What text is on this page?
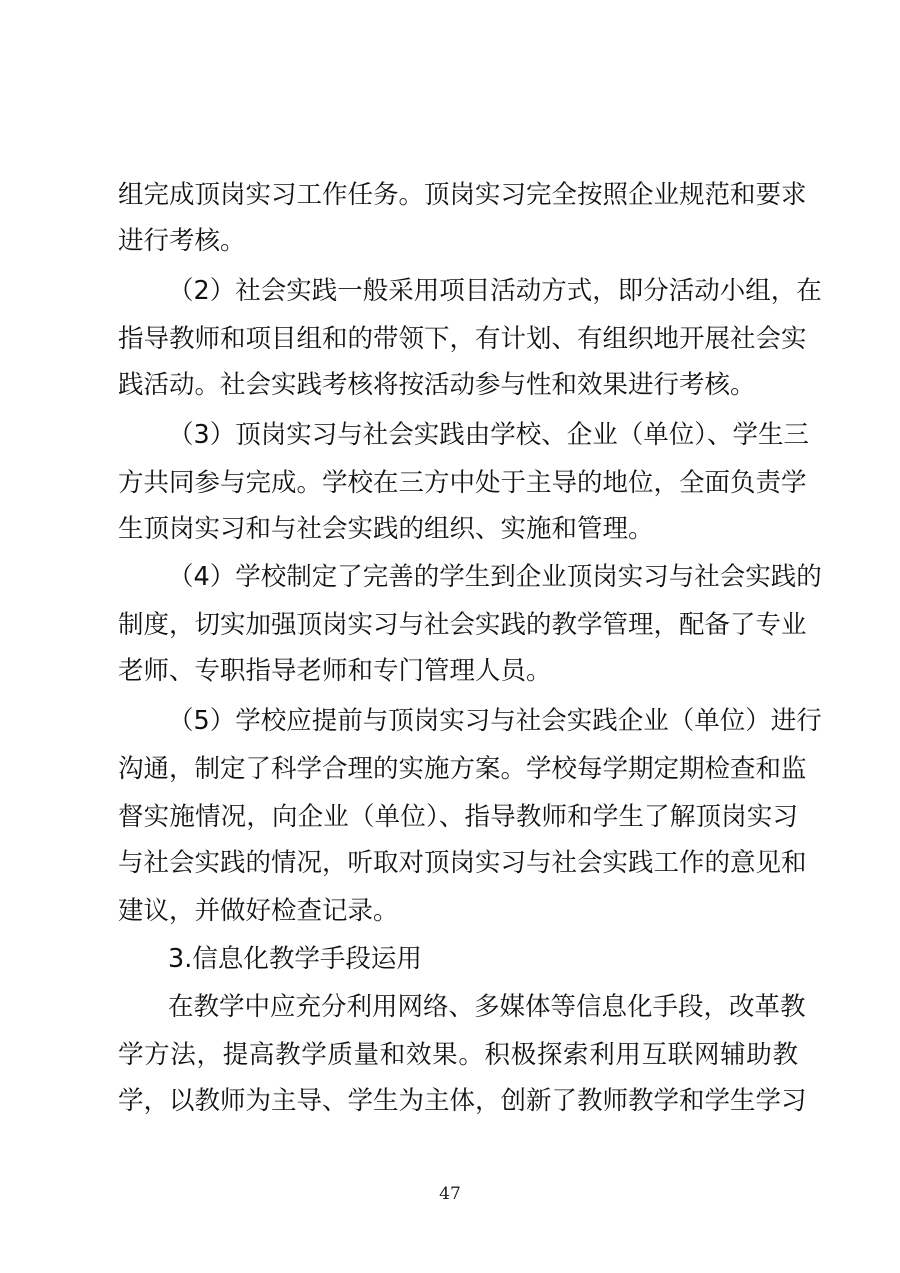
组完成顶岗实习工作任务。顶岗实习完全按照企业规范和要求
进行考核。
（2）社会实践一般采用项目活动方式，即分活动小组，在
指导教师和项目组和的带领下，有计划、有组织地开展社会实
践活动。社会实践考核将按活动参与性和效果进行考核。
（3）顶岗实习与社会实践由学校、企业（单位）、学生三
方共同参与完成。学校在三方中处于主导的地位，全面负责学
生顶岗实习和与社会实践的组织、实施和管理。
（4）学校制定了完善的学生到企业顶岗实习与社会实践的
制度，切实加强顶岗实习与社会实践的教学管理，配备了专业
老师、专职指导老师和专门管理人员。
（5）学校应提前与顶岗实习与社会实践企业（单位）进行
沟通，制定了科学合理的实施方案。学校每学期定期检查和监
督实施情况，向企业（单位）、指导教师和学生了解顶岗实习
与社会实践的情况，听取对顶岗实习与社会实践工作的意见和
建议，并做好检查记录。
3.信息化教学手段运用
在教学中应充分利用网络、多媒体等信息化手段，改革教
学方法，提高教学质量和效果。积极探索利用互联网辅助教
学，以教师为主导、学生为主体，创新了教师教学和学生学习
47
